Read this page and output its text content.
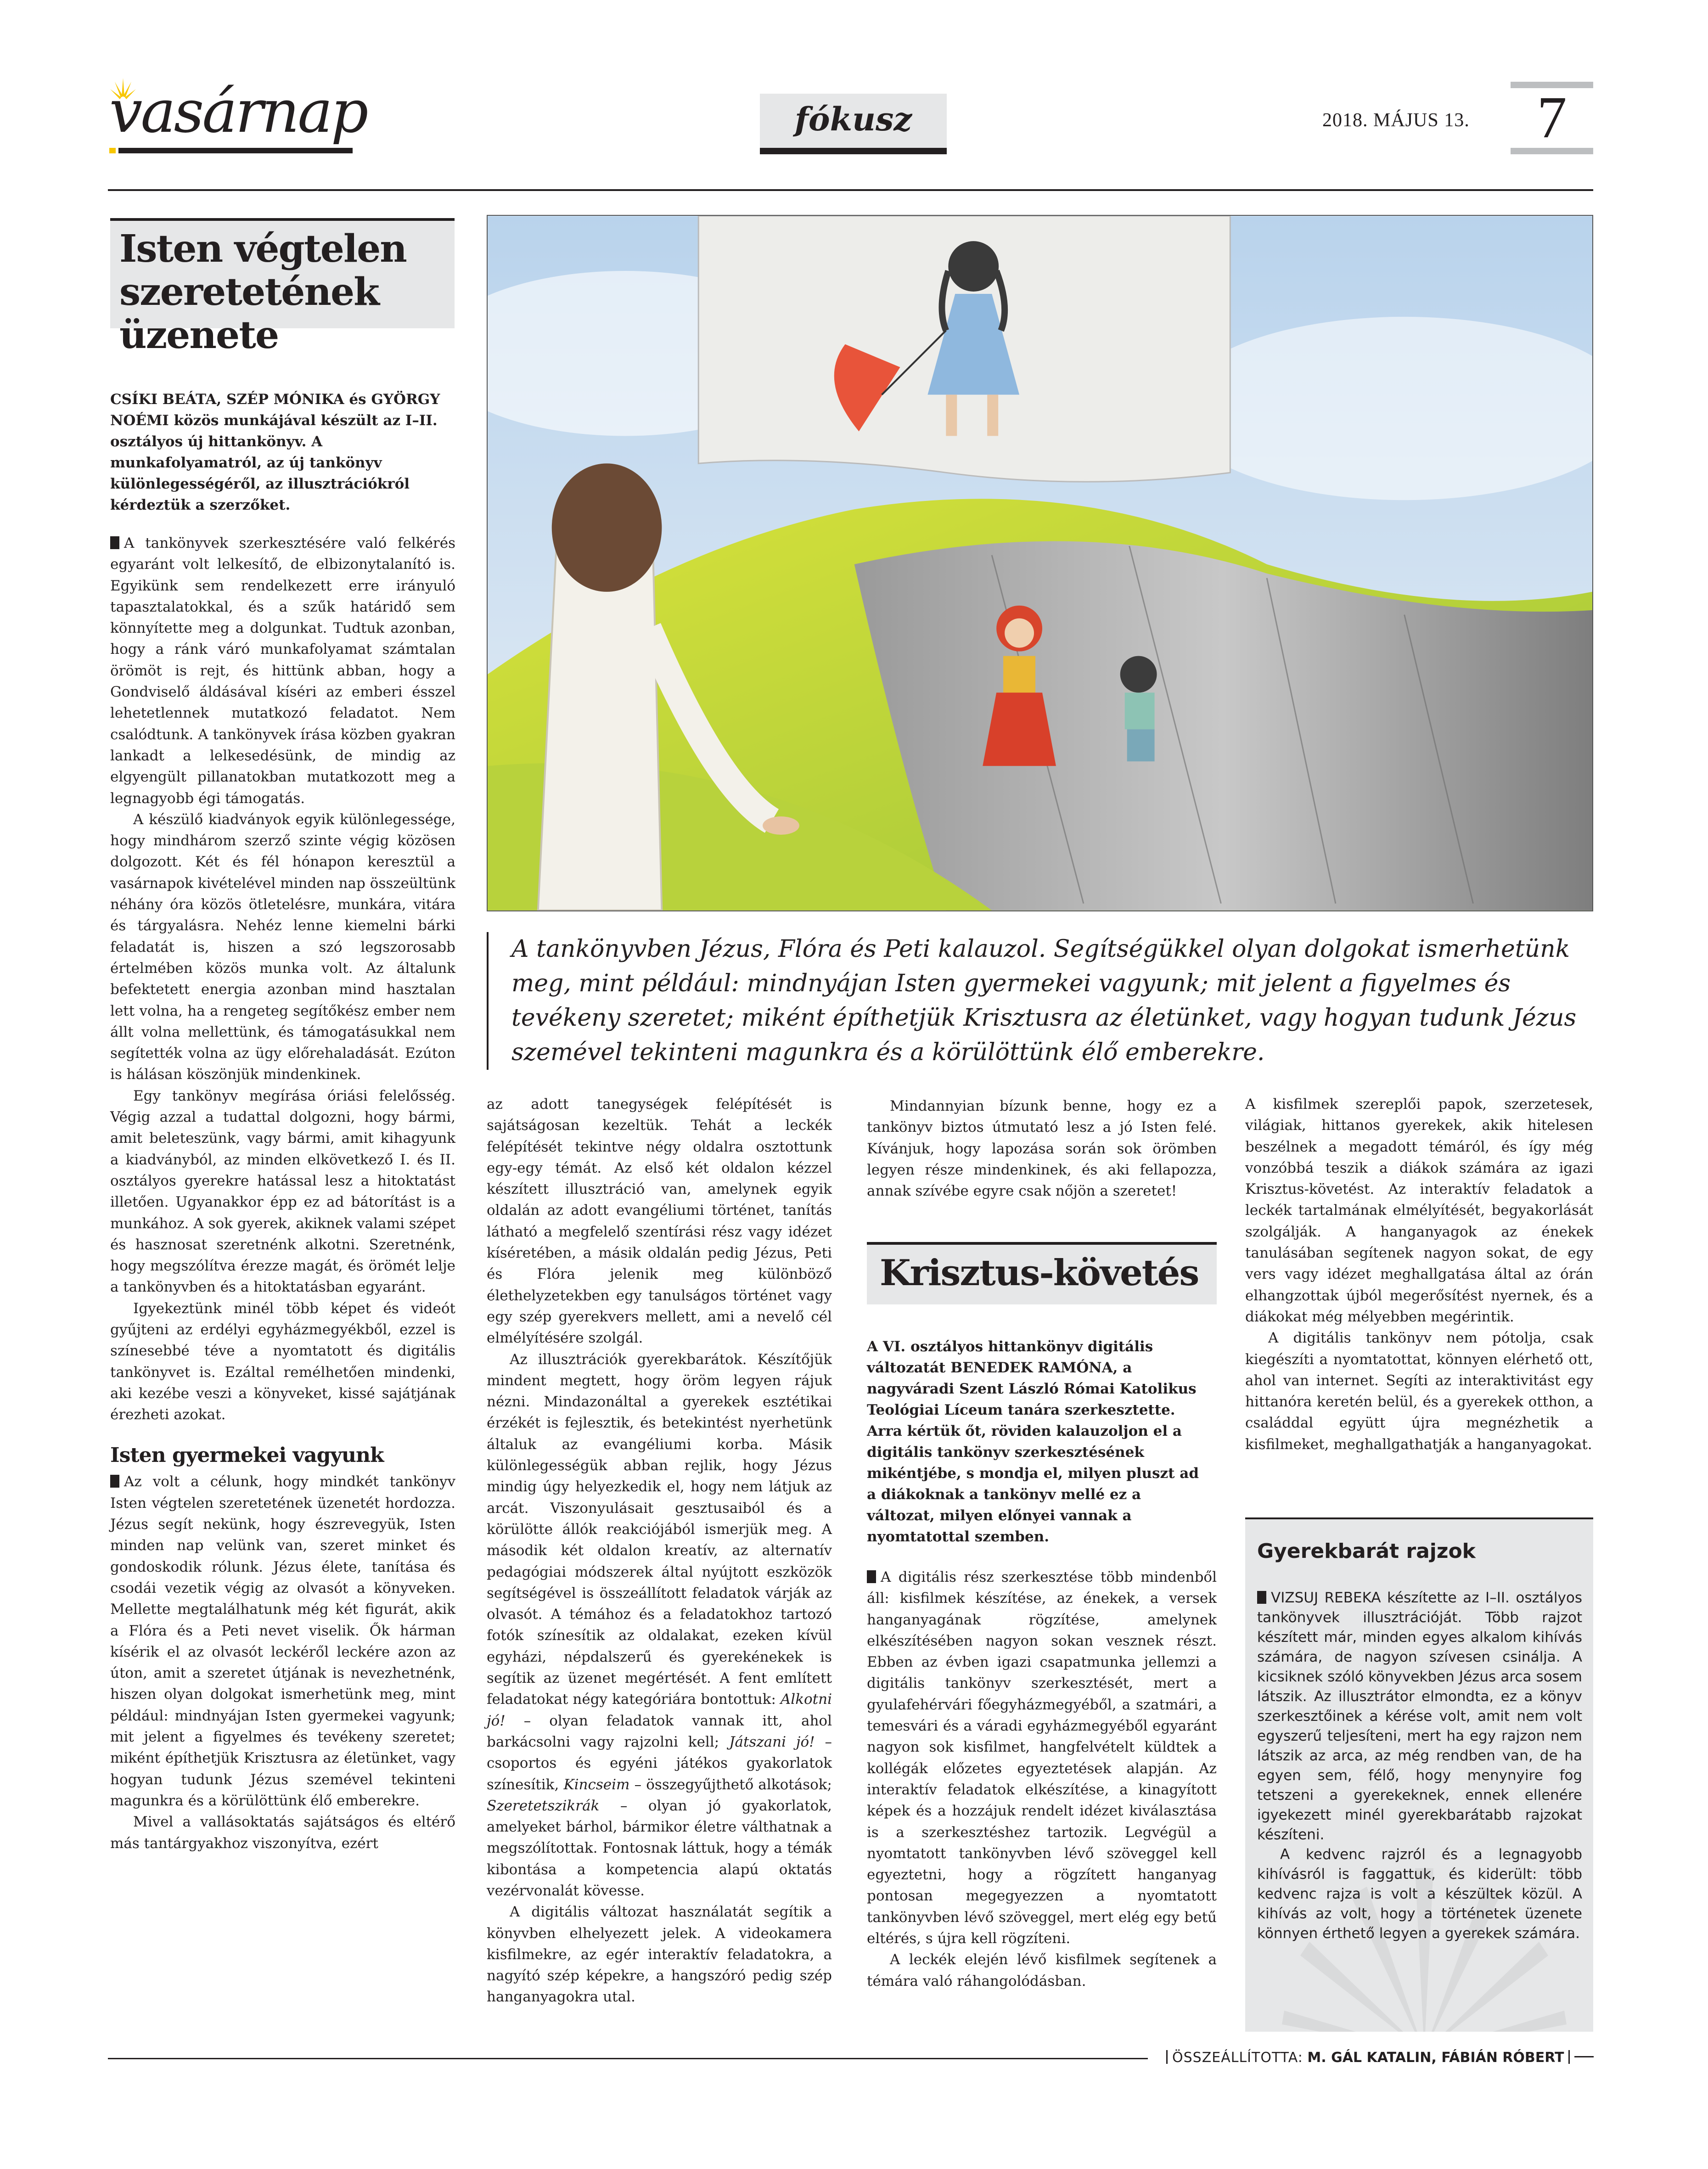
vasárnap	fókusz	2018. MÁJUS 13.	7
Isten végtelen szeretetének üzenete

CSÍKI BEÁTA, SZÉP MÓNIKA és GYÖRGY NOÉMI közös munkájával készült az I–II. osztályos új hittankönyv. A munkafolyamatról, az új tankönyv különlegességéről, az illusztrációkról kérdeztük a szerzőket.

A tankönyvek szerkesztésére való felkérés egyaránt volt lelkesítő, de elbizonytalanító is. Egyikünk sem rendelkezett erre irányuló tapasztalatokkal, és a szűk határidő sem könnyítette meg a dolgunkat. Tudtuk azonban, hogy a ránk váró munkafolyamat számtalan örömöt is rejt, és hittünk abban, hogy a Gondviselő áldásával kíséri az emberi ésszel lehetetlennek mutatkozó feladatot. Nem csalódtunk. A tankönyvek írása közben gyakran lankadt a lelkesedésünk, de mindig az elgyengült pillanatokban mutatkozott meg a legnagyobb égi támogatás.

A készülő kiadványok egyik különlegessége, hogy mindhárom szerző szinte végig közösen dolgozott. Két és fél hónapon keresztül a vasárnapok kivételével minden nap összeültünk néhány óra közös ötletelésre, munkára, vitára és tárgyalásra. Nehéz lenne kiemelni bárki feladatát is, hiszen a szó legszorosabb értelmében közös munka volt. Az általunk befektetett energia azonban mind hasztalan lett volna, ha a rengeteg segítőkész ember nem állt volna mellettünk, és támogatásukkal nem segítették volna az ügy előrehaladását. Ezúton is hálásan köszönjük mindenkinek.

Egy tankönyv megírása óriási felelősség. Végig azzal a tudattal dolgozni, hogy bármi, amit beleteszünk, vagy bármi, amit kihagyunk a kiadványból, az minden elkövetkező I. és II. osztályos gyerekre hatással lesz a hitoktatást illetően. Ugyanakkor épp ez ad bátorítást is a munkához. A sok gyerek, akiknek valami szépet és hasznosat szeretnénk alkotni. Szeretnénk, hogy megszólítva érezze magát, és örömét lelje a tankönyvben és a hitoktatásban egyaránt.

Igyekeztünk minél több képet és videót gyűjteni az erdélyi egyházmegyékből, ezzel is színesebbé téve a nyomtatott és digitális tankönyvet is. Ezáltal remélhetően mindenki, aki kezébe veszi a könyveket, kissé sajátjának érezheti azokat.

Isten gyermekei vagyunk

Az volt a célunk, hogy mindkét tankönyv Isten végtelen szeretetének üzenetét hordozza. Jézus segít nekünk, hogy észrevegyük, Isten minden nap velünk van, szeret minket és gondoskodik rólunk. Jézus élete, tanítása és csodái vezetik végig az olvasót a könyveken. Mellette megtalálhatunk még két figurát, akik a Flóra és a Peti nevet viselik. Ők hárman kísérik el az olvasót leckéről leckére azon az úton, amit a szeretet útjának is nevezhetnénk, hiszen olyan dolgokat ismerhetünk meg, mint például: mindnyájan Isten gyermekei vagyunk; mit jelent a figyelmes és tevékeny szeretet; miként építhetjük Krisztusra az életünket, vagy hogyan tudunk Jézus szemével tekinteni magunkra és a körülöttünk élő emberekre.

Mivel a vallásoktatás sajátságos és eltérő más tantárgyakhoz viszonyítva, ezért

A tankönyvben Jézus, Flóra és Peti kalauzol. Segítségükkel olyan dolgokat ismerhetünk meg, mint például: mindnyájan Isten gyermekei vagyunk; mit jelent a figyelmes és tevékeny szeretet; miként építhetjük Krisztusra az életünket, vagy hogyan tudunk Jézus szemével tekinteni magunkra és a körülöttünk élő emberekre.

az adott tanegységek felépítését is sajátságosan kezeltük. Tehát a leckék felépítését tekintve négy oldalra osztottunk egy-egy témát. Az első két oldalon kézzel készített illusztráció van, amelynek egyik oldalán az adott evangéliumi történet, tanítás látható a megfelelő szentírási rész vagy idézet kíséretében, a másik oldalán pedig Jézus, Peti és Flóra jelenik meg különböző élethelyzetekben egy tanulságos történet vagy egy szép gyerekvers mellett, ami a nevelő cél elmélyítésére szolgál.

Az illusztrációk gyerekbarátok. Készítőjük mindent megtett, hogy öröm legyen rájuk nézni. Mindazonáltal a gyerekek esztétikai érzékét is fejlesztik, és betekintést nyerhetünk általuk az evangéliumi korba. Másik különlegességük abban rejlik, hogy Jézus mindig úgy helyezkedik el, hogy nem látjuk az arcát. Viszonyulásait gesztusaiból és a körülötte állók reakciójából ismerjük meg. A második két oldalon kreatív, az alternatív pedagógiai módszerek által nyújtott eszközök segítségével is összeállított feladatok várják az olvasót. A témához és a feladatokhoz tartozó fotók színesítik az oldalakat, ezeken kívül egyházi, népdalszerű és gyerekénekek is segítik az üzenet megértését. A fent említett feladatokat négy kategóriára bontottuk: Alkotni jó! – olyan feladatok vannak itt, ahol barkácsolni vagy rajzolni kell; Játszani jó! – csoportos és egyéni játékos gyakorlatok színesítik, Kincseim – összegyűjthető alkotások; Szeretetszikrák – olyan jó gyakorlatok, amelyeket bárhol, bármikor életre válthatnak a megszólítottak. Fontosnak láttuk, hogy a témák kibontása a kompetencia alapú oktatás vezérvonalát kövesse.

A digitális változat használatát segítik a könyvben elhelyezett jelek. A videokamera kisfilmekre, az egér interaktív feladatokra, a nagyító szép képekre, a hangszóró pedig szép hanganyagokra utal.

Mindannyian bízunk benne, hogy ez a tankönyv biztos útmutató lesz a jó Isten felé. Kívánjuk, hogy lapozása során sok örömben legyen része mindenkinek, és aki fellapozza, annak szívébe egyre csak nőjön a szeretet!

Krisztus-követés

A VI. osztályos hittankönyv digitális változatát BENEDEK RAMÓNA, a nagyváradi Szent László Római Katolikus Teológiai Líceum tanára szerkesztette. Arra kértük őt, röviden kalauzoljon el a digitális tankönyv szerkesztésének mikéntjébe, s mondja el, milyen pluszt ad a diákoknak a tankönyv mellé ez a változat, milyen előnyei vannak a nyomtatottal szemben.

A digitális rész szerkesztése több mindenből áll: kisfilmek készítése, az énekek, a versek hanganyagának rögzítése, amelynek elkészítésében nagyon sokan vesznek részt. Ebben az évben igazi csapatmunka jellemzi a digitális tankönyv szerkesztését, mert a gyulafehérvári főegyházmegyéből, a szatmári, a temesvári és a váradi egyházmegyéből egyaránt nagyon sok kisfilmet, hangfelvételt küldtek a kollégák előzetes egyeztetések alapján. Az interaktív feladatok elkészítése, a kinagyított képek és a hozzájuk rendelt idézet kiválasztása is a szerkesztéshez tartozik. Legvégül a nyomtatott tankönyvben lévő szöveggel kell egyeztetni, hogy a rögzített hanganyag pontosan megegyezzen a nyomtatott tankönyvben lévő szöveggel, mert elég egy betű eltérés, s újra kell rögzíteni.

A leckék elején lévő kisfilmek segítenek a témára való ráhangolódásban.

A kisfilmek szereplői papok, szerzetesek, világiak, hittanos gyerekek, akik hitelesen beszélnek a megadott témáról, és így még vonzóbbá teszik a diákok számára az igazi Krisztus-követést. Az interaktív feladatok a leckék tartalmának elmélyítését, begyakorlását szolgálják. A hanganyagok az énekek tanulásában segítenek nagyon sokat, de egy vers vagy idézet meghallgatása által az órán elhangzottak újból megerősítést nyernek, és a diákokat még mélyebben megérintik.

A digitális tankönyv nem pótolja, csak kiegészíti a nyomtatottat, könnyen elérhető ott, ahol van internet. Segíti az interaktivitást egy hittanóra keretén belül, és a gyerekek otthon, a családdal együtt újra megnézhetik a kisfilmeket, meghallgathatják a hanganyagokat.

Gyerekbarát rajzok

VIZSUJ REBEKA készítette az I–II. osztályos tankönyvek illusztrációját. Több rajzot készített már, minden egyes alkalom kihívás számára, de nagyon szívesen csinálja. A kicsiknek szóló könyvekben Jézus arca sosem látszik. Az illusztrátor elmondta, ez a könyv szerkesztőinek a kérése volt, amit nem volt egyszerű teljesíteni, mert ha egy rajzon nem látszik az arca, az még rendben van, de ha egyen sem, félő, hogy menynyire fog tetszeni a gyerekeknek, ennek ellenére igyekezett minél gyerekbarátabb rajzokat készíteni.

A kedvenc rajzról és a legnagyobb kihívásról is faggattuk, és kiderült: több kedvenc rajza is volt a készültek közül. A kihívás az volt, hogy a történetek üzenete könnyen érthető legyen a gyerekek számára.

ÖSSZEÁLLÍTOTTA: M. GÁL KATALIN, FÁBIÁN RÓBERT
